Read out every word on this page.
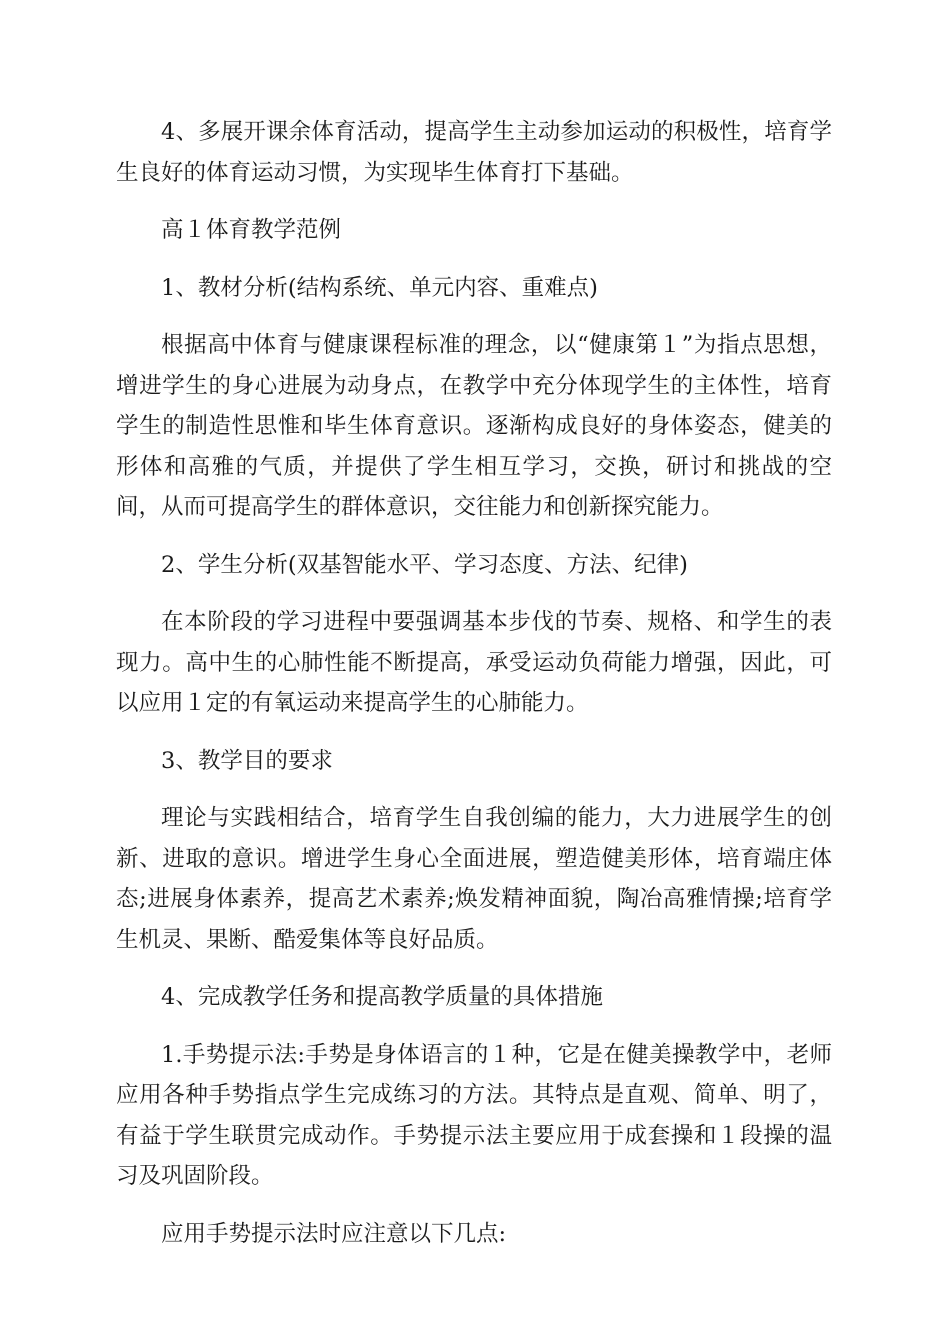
4、多展开课余体育活动，提高学生主动参加运动的积极性，培育学生良好的体育运动习惯，为实现毕生体育打下基础。

高１体育教学范例

1、教材分析(结构系统、单元内容、重难点)

根据高中体育与健康课程标准的理念，以“健康第１”为指点思想，增进学生的身心进展为动身点，在教学中充分体现学生的主体性，培育学生的制造性思惟和毕生体育意识。逐渐构成良好的身体姿态，健美的形体和高雅的气质，并提供了学生相互学习，交换，研讨和挑战的空间，从而可提高学生的群体意识，交往能力和创新探究能力。

2、学生分析(双基智能水平、学习态度、方法、纪律)

在本阶段的学习进程中要强调基本步伐的节奏、规格、和学生的表现力。高中生的心肺性能不断提高，承受运动负荷能力增强，因此，可以应用１定的有氧运动来提高学生的心肺能力。

3、教学目的要求

理论与实践相结合，培育学生自我创编的能力，大力进展学生的创新、进取的意识。增进学生身心全面进展，塑造健美形体，培育端庄体态;进展身体素养，提高艺术素养;焕发精神面貌，陶冶高雅情操;培育学生机灵、果断、酷爱集体等良好品质。

4、完成教学任务和提高教学质量的具体措施

1.手势提示法:手势是身体语言的１种，它是在健美操教学中，老师应用各种手势指点学生完成练习的方法。其特点是直观、简单、明了，有益于学生联贯完成动作。手势提示法主要应用于成套操和１段操的温习及巩固阶段。

应用手势提示法时应注意以下几点:
